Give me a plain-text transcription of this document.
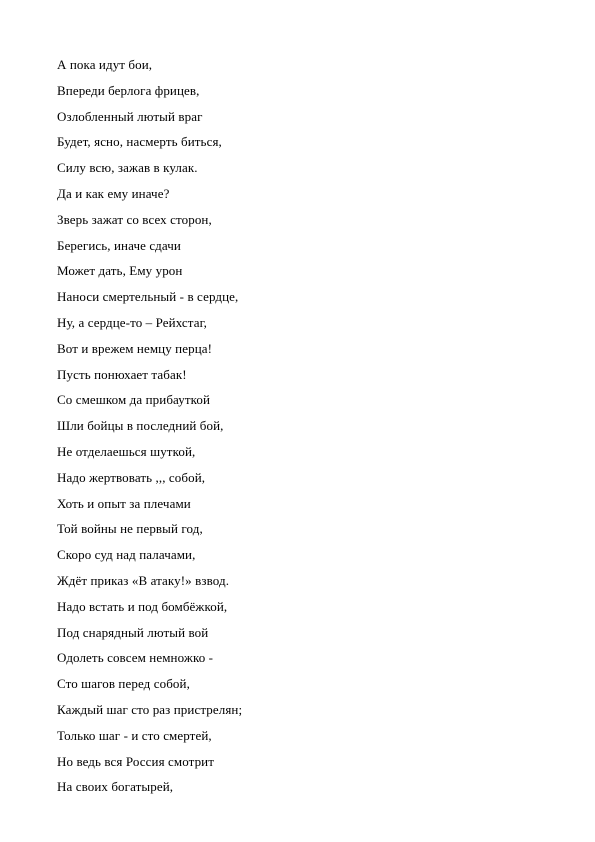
А пока идут бои,
Впереди берлога фрицев,
Озлобленный лютый враг
Будет, ясно, насмерть биться,
Силу всю, зажав в кулак.
Да и как ему иначе?
Зверь зажат со всех сторон,
Берегись, иначе сдачи
Может дать, Ему урон
Наноси смертельный - в сердце,
Ну, а сердце-то – Рейхстаг,
Вот и врежем немцу перца!
Пусть понюхает табак!
Со смешком да прибауткой
Шли бойцы в последний бой,
Не отделаешься шуткой,
Надо жертвовать ,,, собой,
Хоть и опыт за плечами
Той войны не первый год,
Скоро суд над палачами,
Ждёт приказ «В атаку!» взвод.
Надо встать и под бомбёжкой,
Под снарядный лютый вой
Одолеть совсем немножко -
Сто шагов перед собой,
Каждый шаг сто раз пристрелян;
Только шаг - и сто смертей,
Но ведь вся Россия смотрит
На своих богатырей,
